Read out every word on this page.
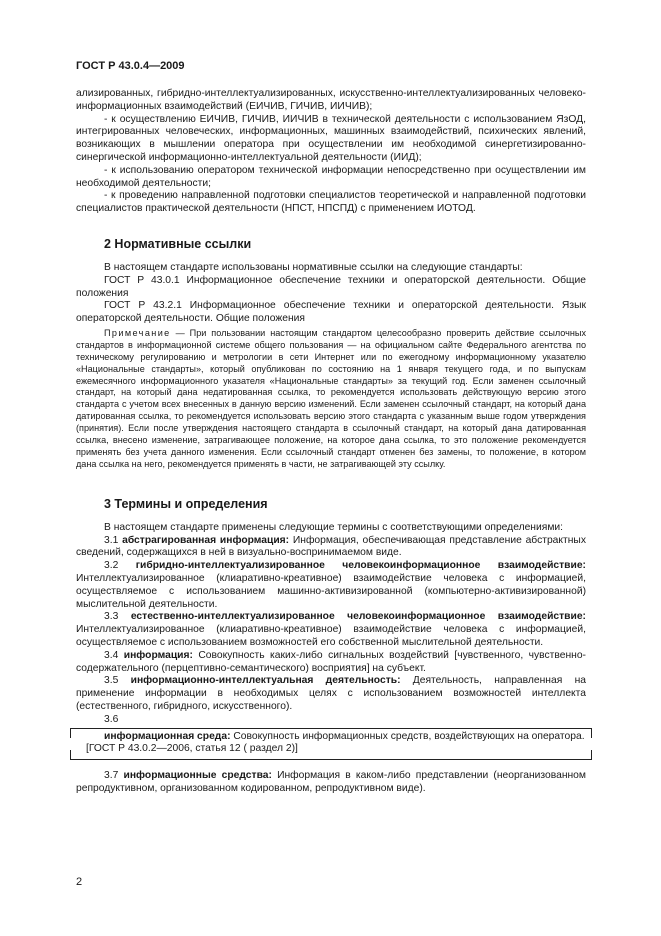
ГОСТ Р 43.0.4—2009

ализированных, гибридно-интеллектуализированных, искусственно-интеллектуализированных человеко-информационных взаимодействий (ЕИЧИВ, ГИЧИВ, ИИЧИВ);

- к осуществлению ЕИЧИВ, ГИЧИВ, ИИЧИВ в технической деятельности с использованием ЯзОД, интегрированных человеческих, информационных, машинных взаимодействий, психических явлений, возникающих в мышлении оператора при осуществлении им необходимой синергетизированно-синергической информационно-интеллектуальной деятельности (ИИД);

- к использованию оператором технической информации непосредственно при осуществлении им необходимой деятельности;

- к проведению направленной подготовки специалистов теоретической и направленной подготовки специалистов практической деятельности (НПСТ, НПСПД) с применением ИОТОД.

2 Нормативные ссылки

В настоящем стандарте использованы нормативные ссылки на следующие стандарты:

ГОСТ Р 43.0.1 Информационное обеспечение техники и операторской деятельности. Общие положения

ГОСТ Р 43.2.1 Информационное обеспечение техники и операторской деятельности. Язык операторской деятельности. Общие положения

Примечание — При пользовании настоящим стандартом целесообразно проверить действие ссылочных стандартов в информационной системе общего пользования — на официальном сайте Федерального агентства по техническому регулированию и метрологии в сети Интернет или по ежегодному информационному указателю «Национальные стандарты», который опубликован по состоянию на 1 января текущего года, и по выпускам ежемесячного информационного указателя «Национальные стандарты» за текущий год. Если заменен ссылочный стандарт, на который дана недатированная ссылка, то рекомендуется использовать действующую версию этого стандарта с учетом всех внесенных в данную версию изменений. Если заменен ссылочный стандарт, на который дана датированная ссылка, то рекомендуется использовать версию этого стандарта с указанным выше годом утверждения (принятия). Если после утверждения настоящего стандарта в ссылочный стандарт, на который дана датированная ссылка, внесено изменение, затрагивающее положение, на которое дана ссылка, то это положение рекомендуется применять без учета данного изменения. Если ссылочный стандарт отменен без замены, то положение, в котором дана ссылка на него, рекомендуется применять в части, не затрагивающей эту ссылку.

3 Термины и определения

В настоящем стандарте применены следующие термины с соответствующими определениями:

3.1 абстрагированная информация: Информация, обеспечивающая представление абстрактных сведений, содержащихся в ней в визуально-воспринимаемом виде.

3.2 гибридно-интеллектуализированное человекоинформационное взаимодействие: Интеллектуализированное (клиаративно-креативное) взаимодействие человека с информацией, осуществляемое с использованием машинно-активизированной (компьютерно-активизированной) мыслительной деятельности.

3.3 естественно-интеллектуализированное человекоинформационное взаимодействие: Интеллектуализированное (клиаративно-креативное) взаимодействие человека с информацией, осуществляемое с использованием возможностей его собственной мыслительной деятельности.

3.4 информация: Совокупность каких-либо сигнальных воздействий [чувственного, чувственно-содержательного (перцептивно-семантического) восприятия] на субъект.

3.5 информационно-интеллектуальная деятельность: Деятельность, направленная на применение информации в необходимых целях с использованием возможностей интеллекта (естественного, гибридного, искусственного).

3.6

информационная среда: Совокупность информационных средств, воздействующих на оператора.

[ГОСТ Р 43.0.2—2006, статья 12 ( раздел 2)]

3.7 информационные средства: Информация в каком-либо представлении (неорганизованном репродуктивном, организованном кодированном, репродуктивном виде).

2
